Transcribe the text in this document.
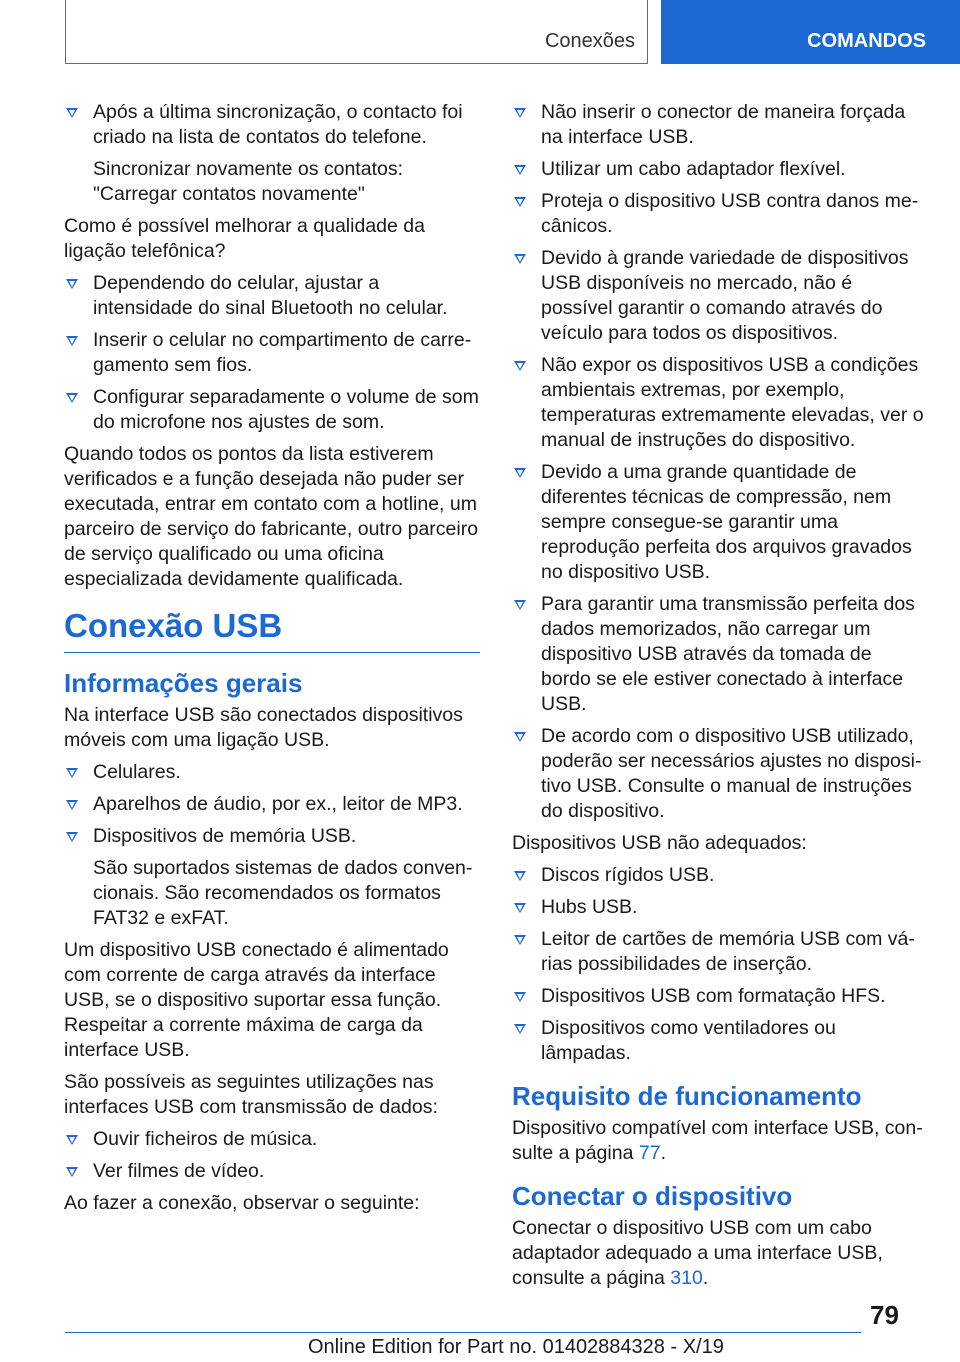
Conexões	COMANDOS
Após a última sincronização, o contacto foi criado na lista de contatos do telefone.
Sincronizar novamente os contatos: "Carregar contatos novamente"

Como é possível melhorar a qualidade da ligação telefônica?

Dependendo do celular, ajustar a intensidade do sinal Bluetooth no celular.
Inserir o celular no compartimento de carregamento sem fios.
Configurar separadamente o volume de som do microfone nos ajustes de som.

Quando todos os pontos da lista estiverem verificados e a função desejada não puder ser executada, entrar em contato com a hotline, um parceiro de serviço do fabricante, outro parceiro de serviço qualificado ou uma oficina especializada devidamente qualificada.

Conexão USB
Informações gerais

Na interface USB são conectados dispositivos móveis com uma ligação USB.

Celulares.
Aparelhos de áudio, por ex., leitor de MP3.
Dispositivos de memória USB.
São suportados sistemas de dados convencionais. São recomendados os formatos FAT32 e exFAT.

Um dispositivo USB conectado é alimentado com corrente de carga através da interface USB, se o dispositivo suportar essa função. Respeitar a corrente máxima de carga da interface USB.

São possíveis as seguintes utilizações nas interfaces USB com transmissão de dados:

Ouvir ficheiros de música.
Ver filmes de vídeo.

Ao fazer a conexão, observar o seguinte:

Não inserir o conector de maneira forçada na interface USB.
Utilizar um cabo adaptador flexível.
Proteja o dispositivo USB contra danos mecânicos.
Devido à grande variedade de dispositivos USB disponíveis no mercado, não é possível garantir o comando através do veículo para todos os dispositivos.
Não expor os dispositivos USB a condições ambientais extremas, por exemplo, temperaturas extremamente elevadas, ver o manual de instruções do dispositivo.
Devido a uma grande quantidade de diferentes técnicas de compressão, nem sempre consegue-se garantir uma reprodução perfeita dos arquivos gravados no dispositivo USB.
Para garantir uma transmissão perfeita dos dados memorizados, não carregar um dispositivo USB através da tomada de bordo se ele estiver conectado à interface USB.
De acordo com o dispositivo USB utilizado, poderão ser necessários ajustes no dispositivo USB. Consulte o manual de instruções do dispositivo.

Dispositivos USB não adequados:

Discos rígidos USB.
Hubs USB.
Leitor de cartões de memória USB com várias possibilidades de inserção.
Dispositivos USB com formatação HFS.
Dispositivos como ventiladores ou lâmpadas.
Requisito de funcionamento

Dispositivo compatível com interface USB, consulte a página 77.

Conectar o dispositivo

Conectar o dispositivo USB com um cabo adaptador adequado a uma interface USB, consulte a página 310.

79
Online Edition for Part no. 01402884328 - X/19
